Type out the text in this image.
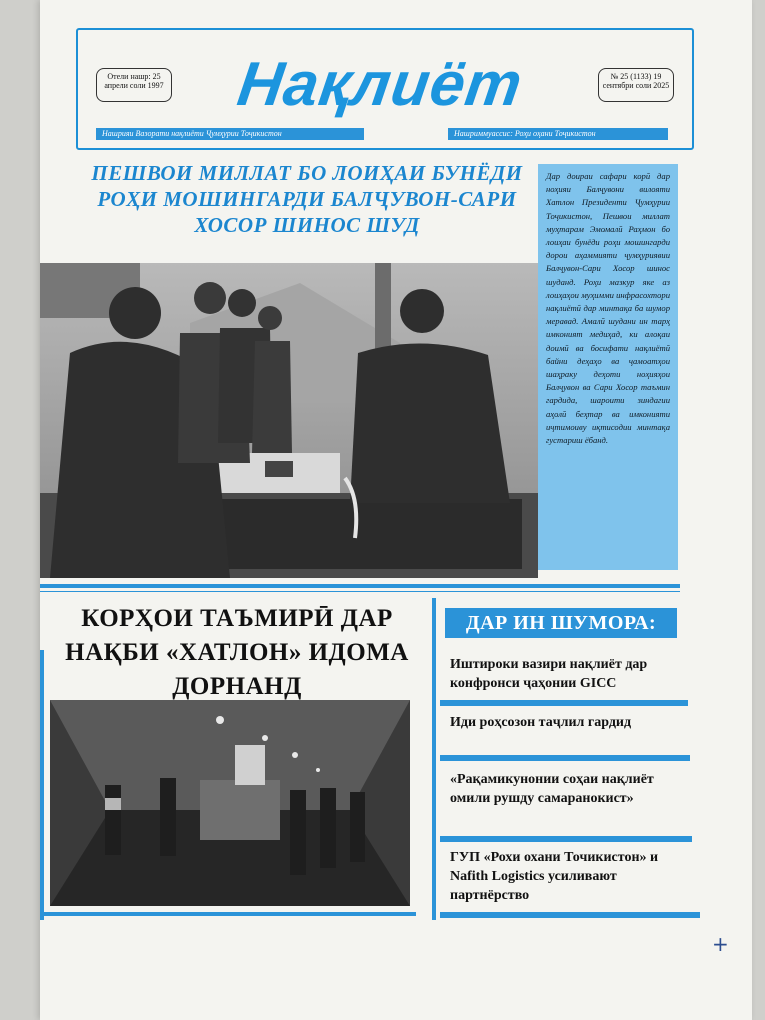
Отели нашр: 25 апрели соли 1997 Нақлиёт	№ 25 (1133) 19 сентябри соли 2025
Нашрияи Вазорати нақлиёти Ҷумҳурии Тоҷикистон	Нашриммуассис: Роҳи оҳани Тоҷикистон
ПЕШВОИ МИЛЛАТ БО ЛОИҲАИ БУНЁДИ РОҲИ МОШИНГАРДИ БАЛҶУВОН-САРИ ХОСОР ШИНОС ШУД
Дар доираи сафари корӣ дар ноҳияи Балҷувони вилояти Хатлон Президенти Ҷумҳурии Тоҷикистон, Пешвои миллат муҳтарам Эмомалӣ Раҳмон бо лоиҳаи бунёди роҳи мошингарди дорои аҳаммияти ҷумҳуриявии Балҷувон-Сари Хосор шинос шуданд. Роҳи мазкур яке аз лоиҳаҳои муҳимми инфрасохтори нақлиётӣ дар минтақа ба шумор меравад. Амалӣ шудани ин тарҳ имконият медиҳад, ки алоқаи доимӣ ва босифати нақлиётӣ байни деҳаҳо ва ҷамоатҳои шаҳраку деҳоти ноҳияҳои Балҷувон ва Сари Хосор таъмин гардида, шароити зиндагии аҳолӣ беҳтар ва имконияти иҷтимоиву иқтисодии минтақа густариш ёбанд.
КОРҲОИ ТАЪМИРӢ ДАР НАҚБИ «ХАТЛОН» ИДОМА ДОРНАНД
ДАР ИН ШУМОРА:
Иштироки вазири нақлиёт дар конфронси ҷаҳонии GICC
Иди роҳсозон таҷлил гардид
«Рақамикунонии соҳаи нақлиёт омили рушду самаранокист»
ГУП «Рохи охани Точикистон» и Nafith Logistics усиливают партнёрство
+
